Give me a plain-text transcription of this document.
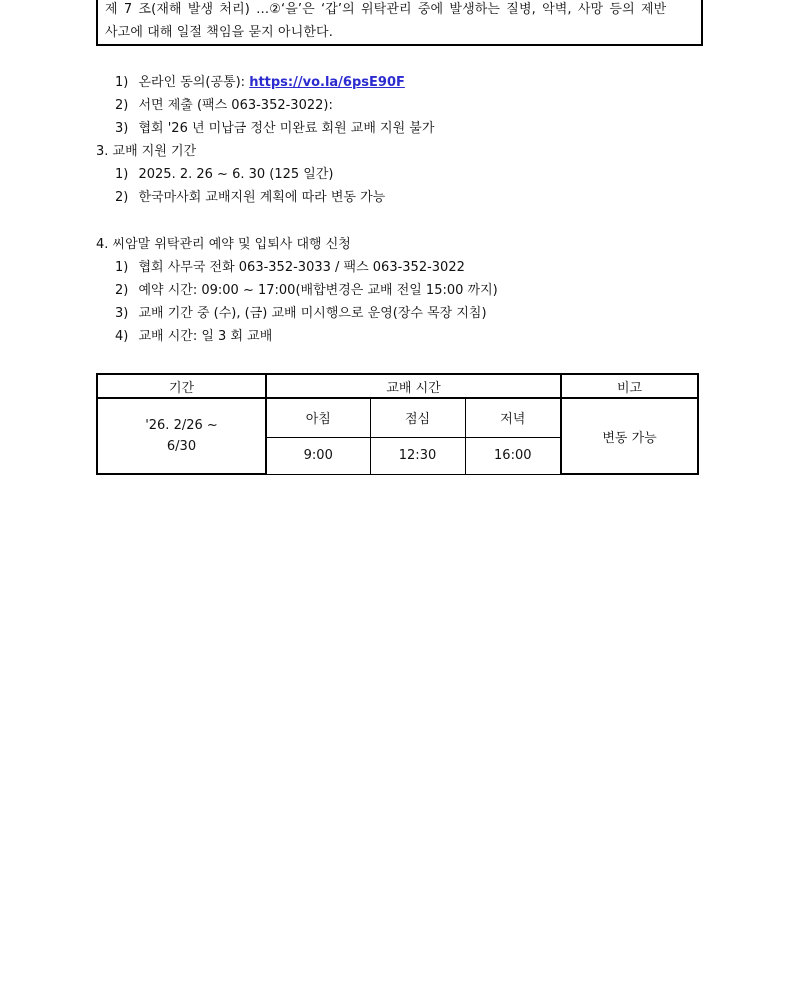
제 7 조(재해 발생 처리) …②‘을’은 ‘갑’의 위탁관리 중에 발생하는 질병, 악벽, 사망 등의 제반
사고에 대해 일절 책임을 묻지 아니한다.
1) 온라인 동의(공통): https://vo.la/6psE90F
2) 서면 제출 (팩스 063-352-3022):
3) 협회 '26 년 미납금 정산 미완료 회원 교배 지원 불가
3. 교배 지원 기간
1) 2025. 2. 26 ~ 6. 30 (125 일간)
2) 한국마사회 교배지원 계획에 따라 변동 가능
4. 씨암말 위탁관리 예약 및 입퇴사 대행 신청
1) 협회 사무국 전화 063-352-3033 / 팩스 063-352-3022
2) 예약 시간: 09:00 ~ 17:00(배합변경은 교배 전일 15:00 까지)
3) 교배 기간 중 (수), (금) 교배 미시행으로 운영(장수 목장 지침)
4) 교배 시간: 일 3 회 교배
기간	교배 시간			비고

'26. 2/26 ~
6/30	아침	점심	저녁	변동 가능
	9:00	12:30	16:00	
